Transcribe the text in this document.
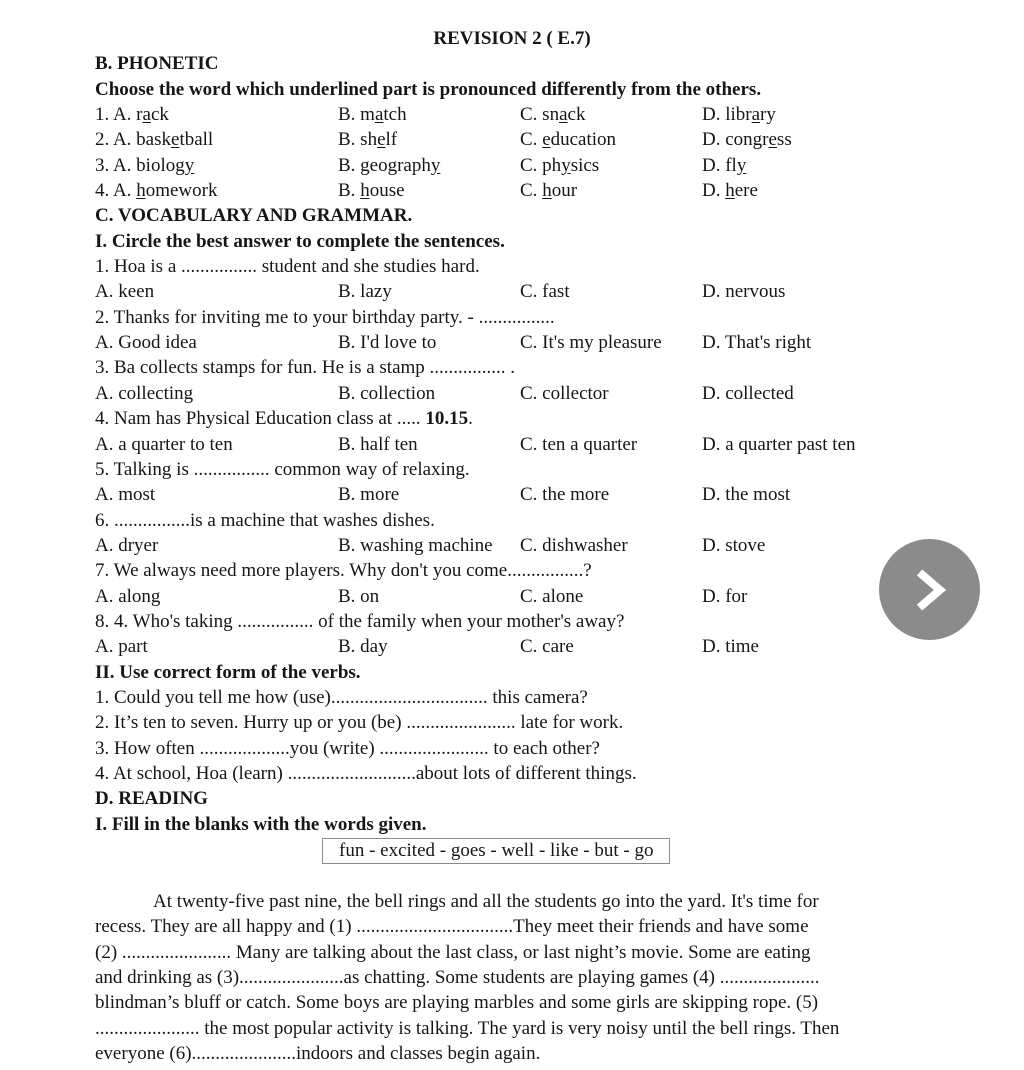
REVISION 2 ( E.7)
B. PHONETIC
Choose the word which underlined part is pronounced differently from the others.
1. A. rack	B. match	C. snack	D. library
2. A. basketball	B. shelf	C. education	D. congress
3. A. biology	B. geography	C. physics	D. fly
4. A. homework	B. house	C. hour	D. here
C. VOCABULARY AND GRAMMAR.
I. Circle the best answer to complete the sentences.
1. Hoa is a ................ student and she studies hard.
A. keen	B. lazy	C. fast	D. nervous
2. Thanks for inviting me to your birthday party. - ................
A. Good idea	B. I'd love to	C. It's my pleasure	D. That's right
3. Ba collects stamps for fun. He is a stamp ................ .
A. collecting	B. collection	C. collector	D. collected
4. Nam has Physical Education class at ..... 10.15.
A. a quarter to ten	B. half ten	C. ten a quarter	D. a quarter past ten
5. Talking is ................ common way of relaxing.
A. most	B. more	C. the more	D. the most
6. ................is a machine that washes dishes.
A. dryer	B. washing machine	C. dishwasher	D. stove
7. We always need more players. Why don't you come................?
A. along	B. on	C. alone	D. for
8. 4. Who's taking ................ of the family when your mother's away?
A. part	B. day	C. care	D. time
II. Use correct form of the verbs.
1. Could you tell me how (use)................................. this camera?
2. It’s ten to seven. Hurry up or you (be) ....................... late for work.
3. How often ...................you (write) ....................... to each other?
4. At school, Hoa (learn) ...........................about lots of different things.
D. READING
I. Fill in the blanks with the words given.
fun - excited - goes - well - like - but - go
At twenty-five past nine, the bell rings and all the students go into the yard. It's time for
recess. They are all happy and (1) .................................They meet their friends and have some
(2) ....................... Many are talking about the last class, or last night’s movie. Some are eating
and drinking as (3)......................as chatting. Some students are playing games (4) .....................
blindman’s bluff or catch. Some boys are playing marbles and some girls are skipping rope. (5)
...................... the most popular activity is talking. The yard is very noisy until the bell rings. Then
everyone (6)......................indoors and classes begin again.
